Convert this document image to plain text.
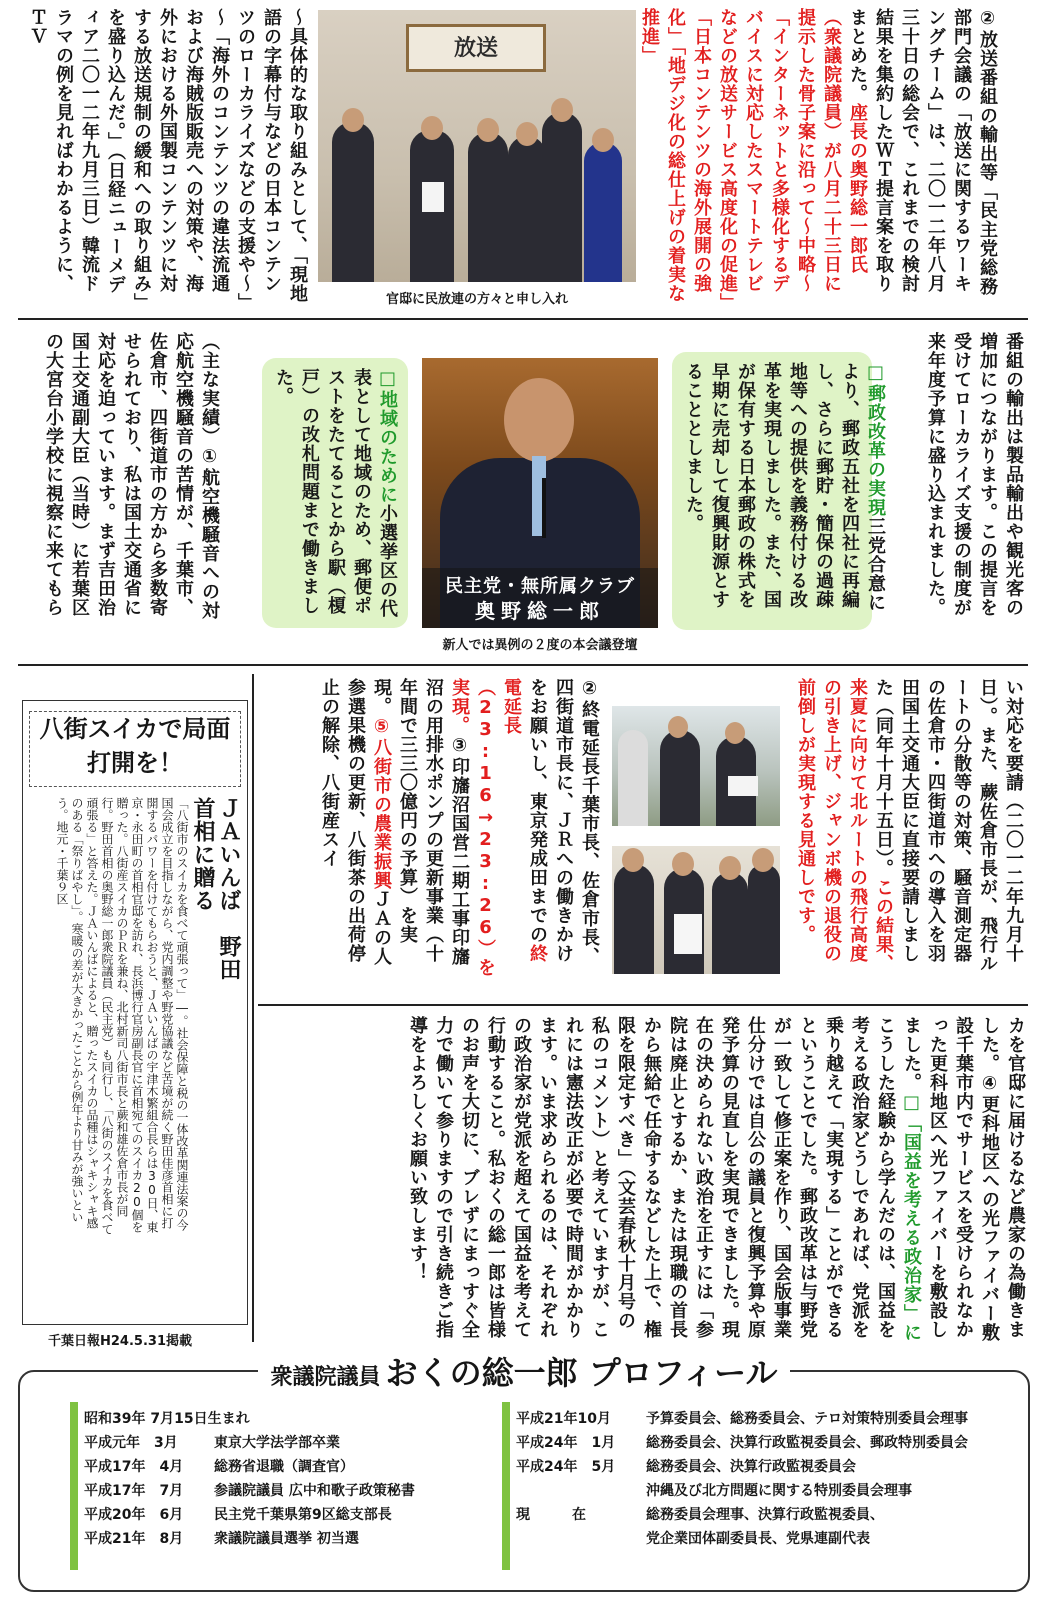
②放送番組の輸出等「民主党総務部門会議の「放送に関するワーキングチーム」は、二〇一二年八月三十日の総会で、これまでの検討結果を集約したＷＴ提言案を取りまとめた。座長の奥野総一郎氏（衆議院議員）が八月二十三日に提示した骨子案に沿って～中略～「インターネットと多様化するデバイスに対応したスマートテレビなどの放送サービス高度化の促進」「日本コンテンツの海外展開の強化」「地デジ化の総仕上げの着実な推進」
放送
官邸に民放連の方々と申し入れ
～具体的な取り組みとして、「現地語の字幕付与などの日本コンテンツのローカライズなどの支援や～」～「海外のコンテンツの違法流通および海賊版販売への対策や、海外における外国製コンテンツに対する放送規制の緩和への取り組み」を盛り込んだ。」（日経ニューメディア二〇一二年九月三日）韓流ドラマの例を見ればわかるように、ＴＶ
番組の輸出は製品輸出や観光客の増加につながります。この提言を受けてローカライズ支援の制度が来年度予算に盛り込まれました。
□郵政改革の実現三党合意により、郵政五社を四社に再編し、さらに郵貯・簡保の過疎地等への提供を義務付ける改革を実現しました。また、国が保有する日本郵政の株式を早期に売却して復興財源とすることとしました。
民主党・無所属クラブ
奥野総一郎
新人では異例の２度の本会議登壇
□地域のために小選挙区の代表として地域のため、郵便ポストをたてることから駅（榎戸）の改札問題まで働きました。
（主な実績）①航空機騒音への対応航空機騒音の苦情が、千葉市、佐倉市、四街道市の方から多数寄せられており、私は国土交通省に対応を迫っています。まず吉田治国土交通副大臣（当時）に若葉区の大宮台小学校に視察に来てもら
い対応を要請（二〇一二年九月十日）。また、蕨佐倉市長が、飛行ルートの分散等の対策、騒音測定器の佐倉市・四街道市への導入を羽田国土交通大臣に直接要請しました（同年十月十五日）。この結果、来夏に向けて北ルートの飛行高度の引き上げ、ジャンボ機の退役の前倒しが実現する見通しです。
②終電延長千葉市長、佐倉市長、四街道市長に、ＪＲへの働きかけをお願いし、東京発成田までの終電延長（23:16→23:26）を実現。③印旛沼国営二期工事印旛沼の用排水ポンプの更新事業（十年間で三三〇億円の予算）を実現。⑤八街市の農業振興ＪＡの人参選果機の更新、八街茶の出荷停止の解除、八街産スイ
八街スイカで局面打開を！
ＪＡいんば　野田首相に贈る
「八街市のスイカを食べて頑張って」―。社会保障と税の一体改革関連法案の今国会成立を目指しながら、党内調整や野党協議など苦境が続く野田佳彦首相に打開するパワーを付けてもらおうと、ＪＡいんばの宇津木繁組合長らは30日、東京・永田町の首相官邸を訪れ、長浜博行官房副長官に首相宛てのスイカ20個を贈った。八街産スイカのＰＲを兼ね、北村新司八街市長と蕨和雄佐倉市長が同行。野田首相の奥野総一郎衆院議員（民主党）も同行し、「八街のスイカを食べて頑張る」と答えた。ＪＡいんばによると、贈ったスイカの品種はシャキシャキ感のある「祭りばやし」。寒暖の差が大きかったことから例年より甘みが強いという。地元・千葉９区
千葉日報H24.5.31掲載
カを官邸に届けるなど農家の為働きました。④更科地区への光ファイバー敷設千葉市内でサービスを受けられなかった更科地区へ光ファイバーを敷設しました。□「国益を考える政治家」にこうした経験から学んだのは、国益を考える政治家どうしであれば、党派を乗り越えて「実現する」ことができるということでした。郵政改革は与野党が一致して修正案を作り、国会版事業仕分けでは自公の議員と復興予算や原発予算の見直しを実現できました。現在の決められない政治を正すには「参院は廃止とするか、または現職の首長から無給で任命するなどした上で、権限を限定すべき」（文芸春秋十月号の私のコメント）と考えていますが、これには憲法改正が必要で時間がかかります。いま求められるのは、それぞれの政治家が党派を超えて国益を考えて行動すること。私おくの総一郎は皆様のお声を大切に、ブレずにまっすぐ全力で働いて参りますので引き続きご指導をよろしくお願い致します！
衆議院議員 おくの総一郎 プロフィール
昭和39年 7月15日生まれ
平成元年　3月	東京大学法学部卒業
平成17年　4月 総務省退職（調査官）
平成17年　7月 参議院議員 広中和歌子政策秘書
平成20年　6月 民主党千葉県第9区総支部長
平成21年　8月 衆議院議員選挙 初当選
平成21年10月	予算委員会、総務委員会、テロ対策特別委員会理事
平成24年　1月 総務委員会、決算行政監視委員会、郵政特別委員会
平成24年　5月 総務委員会、決算行政監視委員会
沖縄及び北方問題に関する特別委員会理事
現　　　在	総務委員会理事、決算行政監視委員、
党企業団体副委員長、党県連副代表
